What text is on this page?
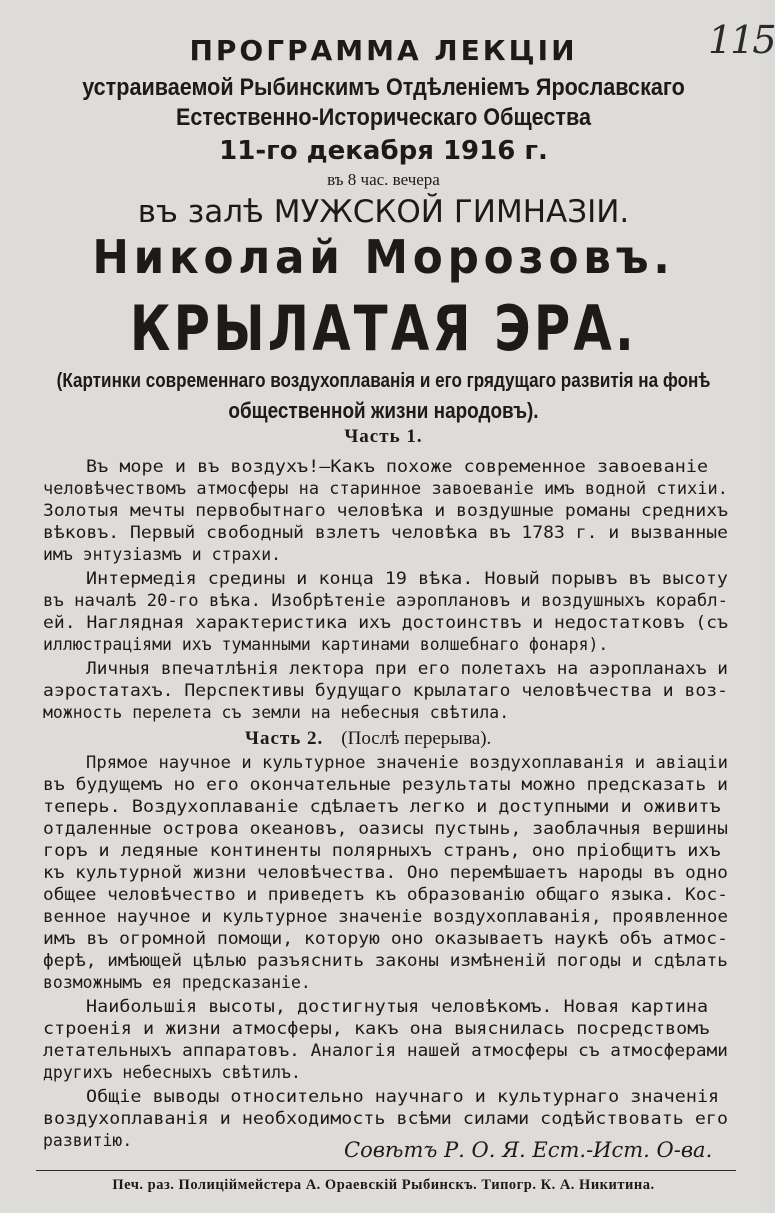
115
ПРОГРАММА ЛЕКЦІИ
устраиваемой Рыбинскимъ Отдѣленіемъ Ярославскаго
Естественно-Историческаго Общества
11-го декабря 1916 г.
въ 8 час. вечера
въ залѣ МУЖСКОЙ ГИМНАЗІИ.
Николай Морозовъ.
КРЫЛАТАЯ ЭРА.
(Картинки современнаго воздухоплаванія и его грядущаго развитія на фонѣ
общественной жизни народовъ).
Часть 1.
Въ море и въ воздухъ!—Какъ похоже современное завоеваніе
человѣчествомъ атмосферы на старинное завоеваніе имъ водной стихіи.
Золотыя мечты первобытнаго человѣка и воздушные романы среднихъ
вѣковъ. Первый свободный взлетъ человѣка въ 1783 г. и вызванные
имъ энтузіазмъ и страхи.
Интермедія средины и конца 19 вѣка. Новый порывъ въ высоту
въ началѣ 20-го вѣка. Изобрѣтеніе аэроплановъ и воздушныхъ корабл-
ей. Наглядная характеристика ихъ достоинствъ и недостатковъ (съ
иллюстраціями ихъ туманными картинами волшебнаго фонаря).
Личныя впечатлѣнія лектора при его полетахъ на аэропланахъ и
аэростатахъ. Перспективы будущаго крылатаго человѣчества и воз-
можность перелета съ земли на небесныя свѣтила.
Часть 2. (Послѣ перерыва).
Прямое научное и культурное значеніе воздухоплаванія и авіаціи
въ будущемъ но его окончательные результаты можно предсказать и
теперь. Воздухоплаваніе сдѣлаетъ легко и доступными и оживитъ
отдаленные острова океановъ, оазисы пустынь, заоблачныя вершины
горъ и ледяные континенты полярныхъ странъ, оно пріобщитъ ихъ
къ культурной жизни человѣчества. Оно перемѣшаетъ народы въ одно
общее человѣчество и приведетъ къ образованію общаго языка. Кос-
венное научное и культурное значеніе воздухоплаванія, проявленное
имъ въ огромной помощи, которую оно оказываетъ наукѣ объ атмос-
ферѣ, имѣющей цѣлью разъяснить законы измѣненій погоды и сдѣлать
возможнымъ ея предсказаніе.
Наибольшія высоты, достигнутыя человѣкомъ. Новая картина
строенія и жизни атмосферы, какъ она выяснилась посредствомъ
летательныхъ аппаратовъ. Аналогія нашей атмосферы съ атмосферами
другихъ небесныхъ свѣтилъ.
Общіе выводы относительно научнаго и культурнаго значенія
воздухоплаванія и необходимость всѣми силами содѣйствовать его
развитію.	Совѣтъ Р. О. Я. Ест.-Ист. О-ва.
Печ. раз. Полиціймейстера А. Ораевскій Рыбинскъ. Типогр. К. А. Никитина.
